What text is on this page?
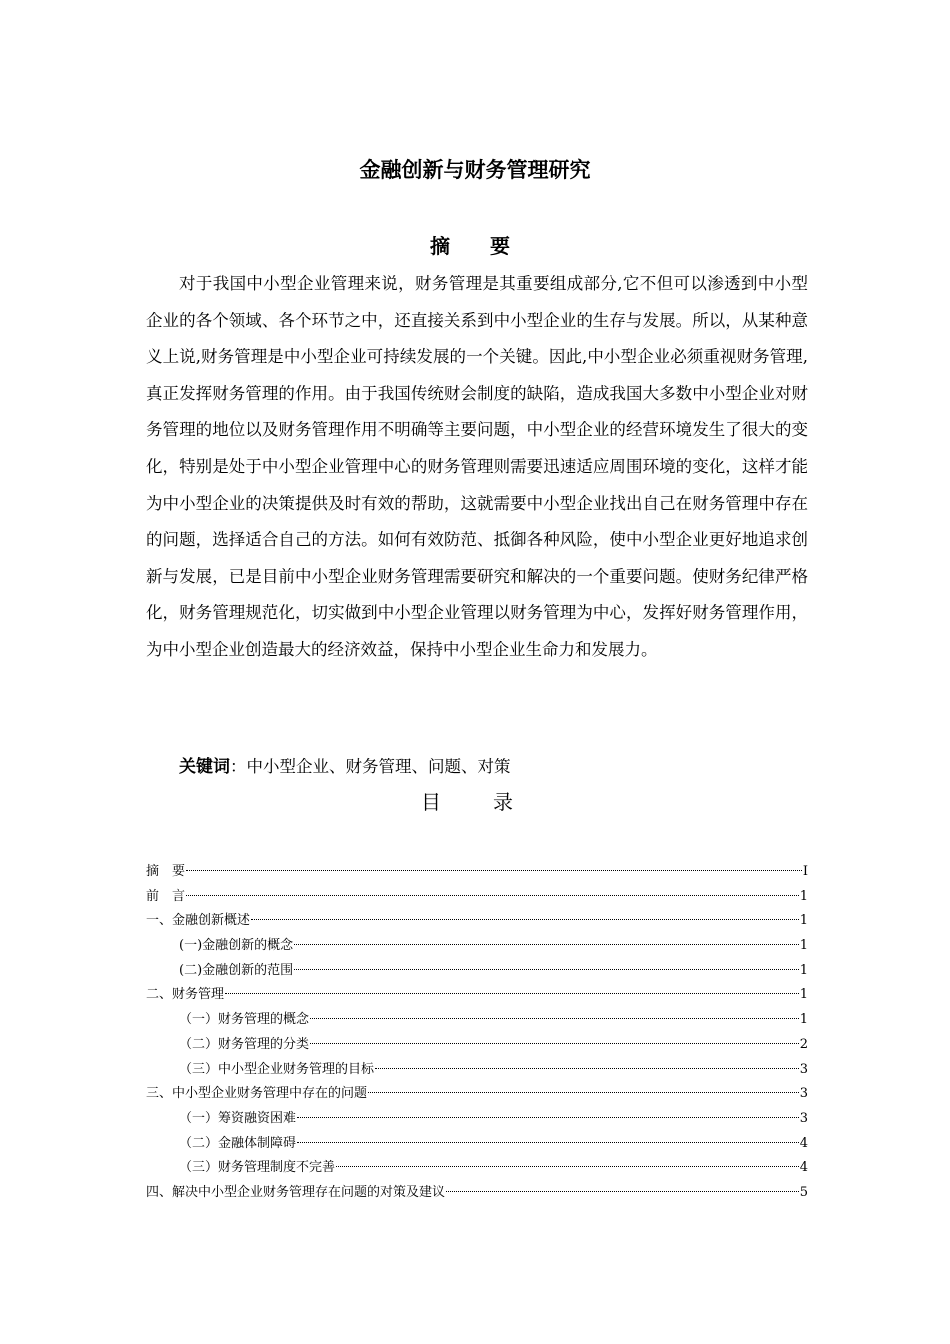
金融创新与财务管理研究
摘　要

对于我国中小型企业管理来说，财务管理是其重要组成部分,它不但可以渗透到中小型企业的各个领域、各个环节之中，还直接关系到中小型企业的生存与发展。所以，从某种意义上说,财务管理是中小型企业可持续发展的一个关键。因此,中小型企业必须重视财务管理,真正发挥财务管理的作用。由于我国传统财会制度的缺陷，造成我国大多数中小型企业对财务管理的地位以及财务管理作用不明确等主要问题，中小型企业的经营环境发生了很大的变化，特别是处于中小型企业管理中心的财务管理则需要迅速适应周围环境的变化，这样才能为中小型企业的决策提供及时有效的帮助，这就需要中小型企业找出自己在财务管理中存在的问题，选择适合自己的方法。如何有效防范、抵御各种风险，使中小型企业更好地追求创新与发展，已是目前中小型企业财务管理需要研究和解决的一个重要问题。使财务纪律严格化，财务管理规范化，切实做到中小型企业管理以财务管理为中心，发挥好财务管理作用，为中小型企业创造最大的经济效益，保持中小型企业生命力和发展力。

关键词：中小型企业、财务管理、问题、对策

目　录
摘　要	I
前　言	1
一、金融创新概述	1
(一)金融创新的概念	1
(二)金融创新的范围	1
二、财务管理	1
（一）财务管理的概念	1
（二）财务管理的分类	2
（三）中小型企业财务管理的目标	3
三、中小型企业财务管理中存在的问题	3
（一）筹资融资困难	3
（二）金融体制障碍	4
（三）财务管理制度不完善	4
四、解决中小型企业财务管理存在问题的对策及建议	5
